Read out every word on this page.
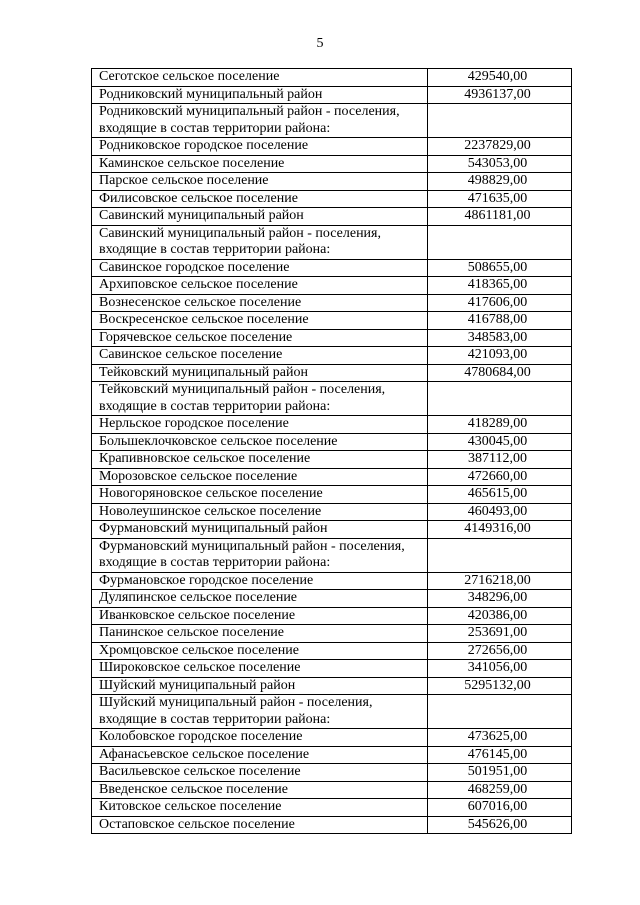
5
Сеготское сельское поселение	429540,00
Родниковский муниципальный район	4936137,00
Родниковский муниципальный район - поселения, входящие в состав территории района:	
Родниковское городское поселение	2237829,00
Каминское сельское поселение	543053,00
Парское сельское поселение	498829,00
Филисовское сельское поселение	471635,00
Савинский муниципальный район	4861181,00
Савинский муниципальный район - поселения, входящие в состав территории района:	
Савинское городское поселение	508655,00
Архиповское сельское поселение	418365,00
Вознесенское сельское поселение	417606,00
Воскресенское сельское поселение	416788,00
Горячевское сельское поселение	348583,00
Савинское сельское поселение	421093,00
Тейковский муниципальный район	4780684,00
Тейковский муниципальный район - поселения, входящие в состав территории района:	
Нерльское городское поселение	418289,00
Большеклочковское сельское поселение	430045,00
Крапивновское сельское поселение	387112,00
Морозовское сельское поселение	472660,00
Новогоряновское сельское поселение	465615,00
Новолеушинское сельское поселение	460493,00
Фурмановский муниципальный район	4149316,00
Фурмановский муниципальный район - поселения, входящие в состав территории района:	
Фурмановское городское поселение	2716218,00
Дуляпинское сельское поселение	348296,00
Иванковское сельское поселение	420386,00
Панинское сельское поселение	253691,00
Хромцовское сельское поселение	272656,00
Широковское сельское поселение	341056,00
Шуйский муниципальный район	5295132,00
Шуйский муниципальный район - поселения, входящие в состав территории района:	
Колобовское городское поселение	473625,00
Афанасьевское сельское поселение	476145,00
Васильевское сельское поселение	501951,00
Введенское сельское поселение	468259,00
Китовское сельское поселение	607016,00
Остаповское сельское поселение	545626,00
